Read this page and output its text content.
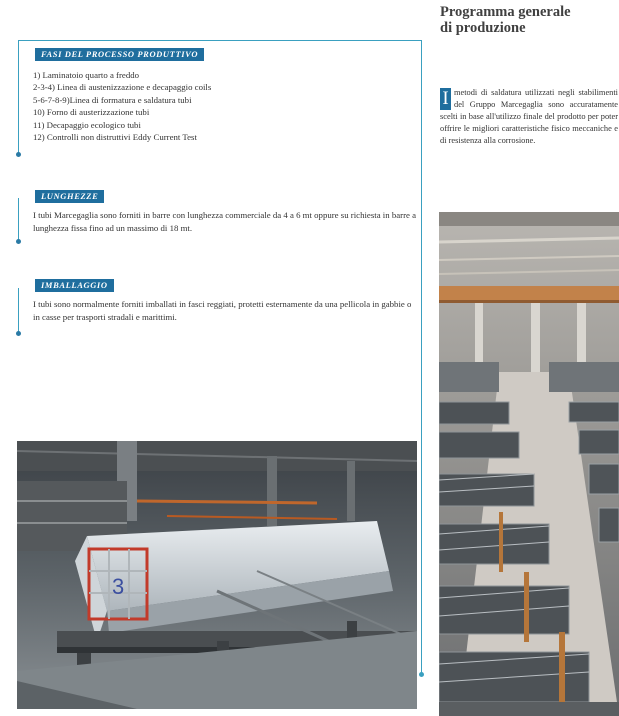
FASI DEL PROCESSO PRODUTTIVO
1) Laminatoio quarto a freddo
2-3-4) Linea di austenizzazione e decapaggio coils
5-6-7-8-9)Linea di formatura e saldatura tubi
10) Forno di austerizzazione tubi
11) Decapaggio ecologico tubi
12) Controlli non distruttivi Eddy Current Test
LUNGHEZZE

I tubi Marcegaglia sono forniti in barre con lunghezza commerciale da 4 a 6 mt oppure su richiesta in barre a lunghezza fissa fino ad un massimo di 18 mt.

IMBALLAGGIO

I tubi sono normalmente forniti imballati in fasci reggiati, protetti esternamente da una pellicola in gabbie o in casse per trasporti stradali e marittimi.

3
Programma generale
di produzione

I metodi di saldatura utilizzati negli stabilimenti del Gruppo Marcegaglia sono accuratamente scelti in base all'utilizzo finale del prodotto per poter offrire le migliori caratteristiche fisico meccaniche e di resistenza alla corrosione.
